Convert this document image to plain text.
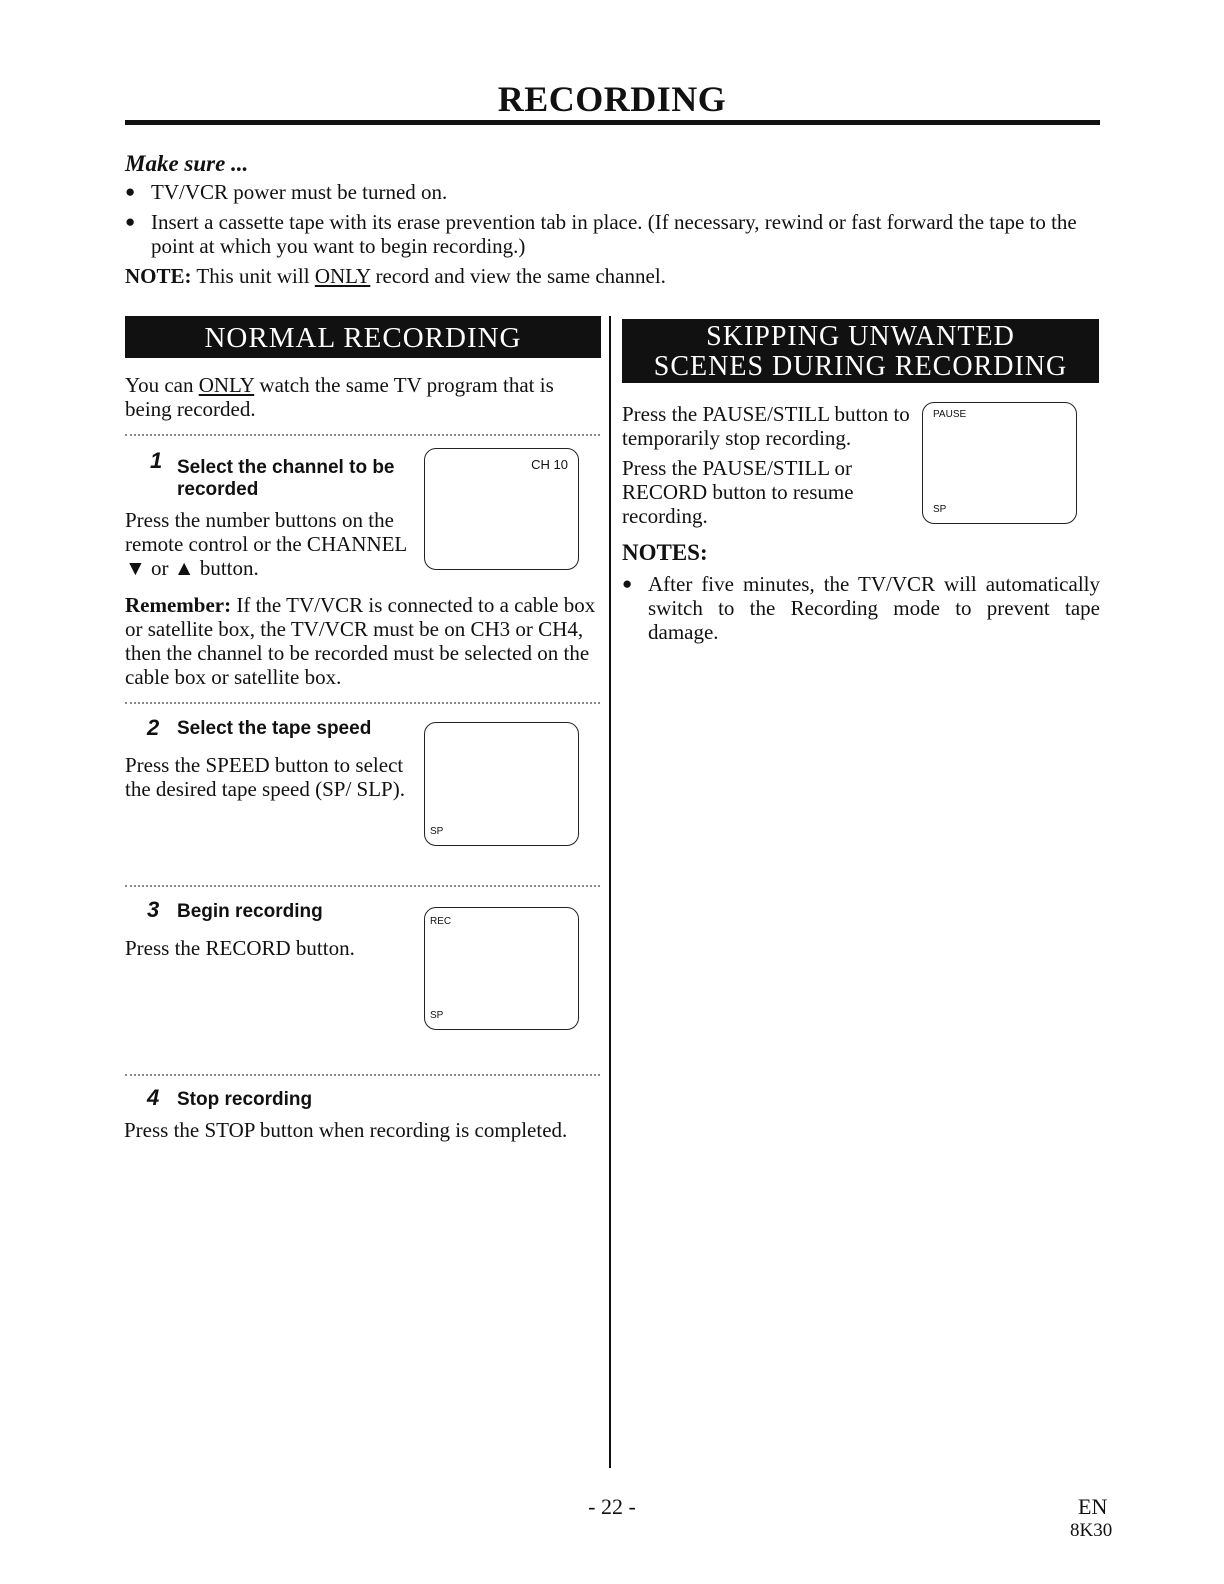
RECORDING
Make sure ...
● TV/VCR power must be turned on.
● Insert a cassette tape with its erase prevention tab in place. (If necessary, rewind or fast forward the tape to the point at which you want to begin recording.)
NOTE: This unit will ONLY record and view the same channel.
NORMAL RECORDING
You can ONLY watch the same TV program that is being recorded.
1 Select the channel to be recorded
Press the number buttons on the remote control or the CHANNEL ▼ or ▲ button.
CH 10
Remember: If the TV/VCR is connected to a cable box or satellite box, the TV/VCR must be on CH3 or CH4, then the channel to be recorded must be selected on the cable box or satellite box.
2 Select the tape speed
Press the SPEED button to select the desired tape speed (SP/ SLP).
SP
3 Begin recording
Press the RECORD button.
REC
SP
4 Stop recording
Press the STOP button when recording is completed.
SKIPPING UNWANTED
SCENES DURING RECORDING
Press the PAUSE/STILL button to temporarily stop recording.
Press the PAUSE/STILL or RECORD button to resume recording.
PAUSE
SP
NOTES:
● After five minutes, the TV/VCR will automatically switch to the Recording mode to prevent tape damage.
- 22 -	EN
8K30
